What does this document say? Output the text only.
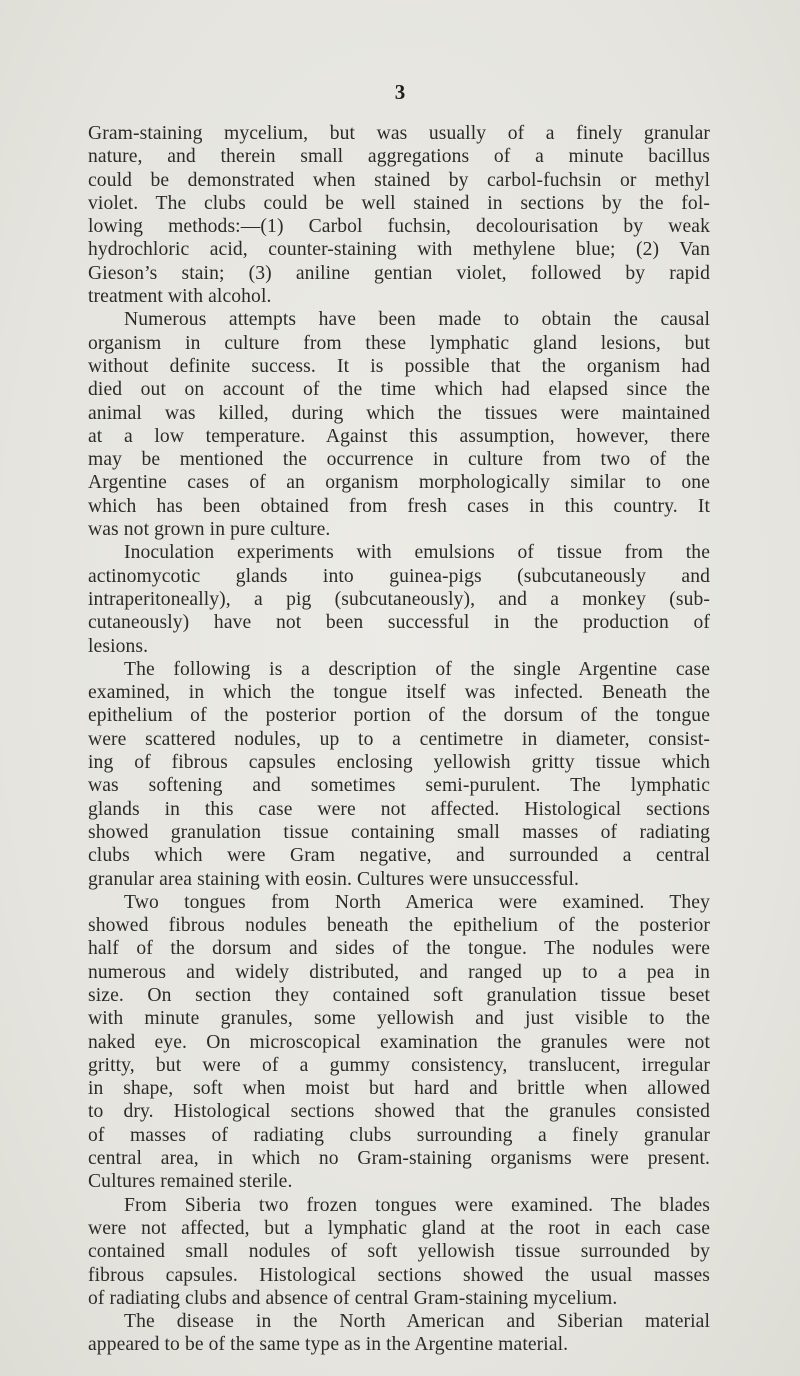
3
Gram-staining mycelium, but was usually of a finely granular
nature, and therein small aggregations of a minute bacillus
could be demonstrated when stained by carbol-fuchsin or methyl
violet. The clubs could be well stained in sections by the fol-
lowing methods:—(1) Carbol fuchsin, decolourisation by weak
hydrochloric acid, counter-staining with methylene blue; (2) Van
Gieson’s stain; (3) aniline gentian violet, followed by rapid
treatment with alcohol.
Numerous attempts have been made to obtain the causal
organism in culture from these lymphatic gland lesions, but
without definite success. It is possible that the organism had
died out on account of the time which had elapsed since the
animal was killed, during which the tissues were maintained
at a low temperature. Against this assumption, however, there
may be mentioned the occurrence in culture from two of the
Argentine cases of an organism morphologically similar to one
which has been obtained from fresh cases in this country. It
was not grown in pure culture.
Inoculation experiments with emulsions of tissue from the
actinomycotic glands into guinea-pigs (subcutaneously and
intraperitoneally), a pig (subcutaneously), and a monkey (sub-
cutaneously) have not been successful in the production of
lesions.
The following is a description of the single Argentine case
examined, in which the tongue itself was infected. Beneath the
epithelium of the posterior portion of the dorsum of the tongue
were scattered nodules, up to a centimetre in diameter, consist-
ing of fibrous capsules enclosing yellowish gritty tissue which
was softening and sometimes semi-purulent. The lymphatic
glands in this case were not affected. Histological sections
showed granulation tissue containing small masses of radiating
clubs which were Gram negative, and surrounded a central
granular area staining with eosin. Cultures were unsuccessful.
Two tongues from North America were examined. They
showed fibrous nodules beneath the epithelium of the posterior
half of the dorsum and sides of the tongue. The nodules were
numerous and widely distributed, and ranged up to a pea in
size. On section they contained soft granulation tissue beset
with minute granules, some yellowish and just visible to the
naked eye. On microscopical examination the granules were not
gritty, but were of a gummy consistency, translucent, irregular
in shape, soft when moist but hard and brittle when allowed
to dry. Histological sections showed that the granules consisted
of masses of radiating clubs surrounding a finely granular
central area, in which no Gram-staining organisms were present.
Cultures remained sterile.
From Siberia two frozen tongues were examined. The blades
were not affected, but a lymphatic gland at the root in each case
contained small nodules of soft yellowish tissue surrounded by
fibrous capsules. Histological sections showed the usual masses
of radiating clubs and absence of central Gram-staining mycelium.
The disease in the North American and Siberian material
appeared to be of the same type as in the Argentine material.
